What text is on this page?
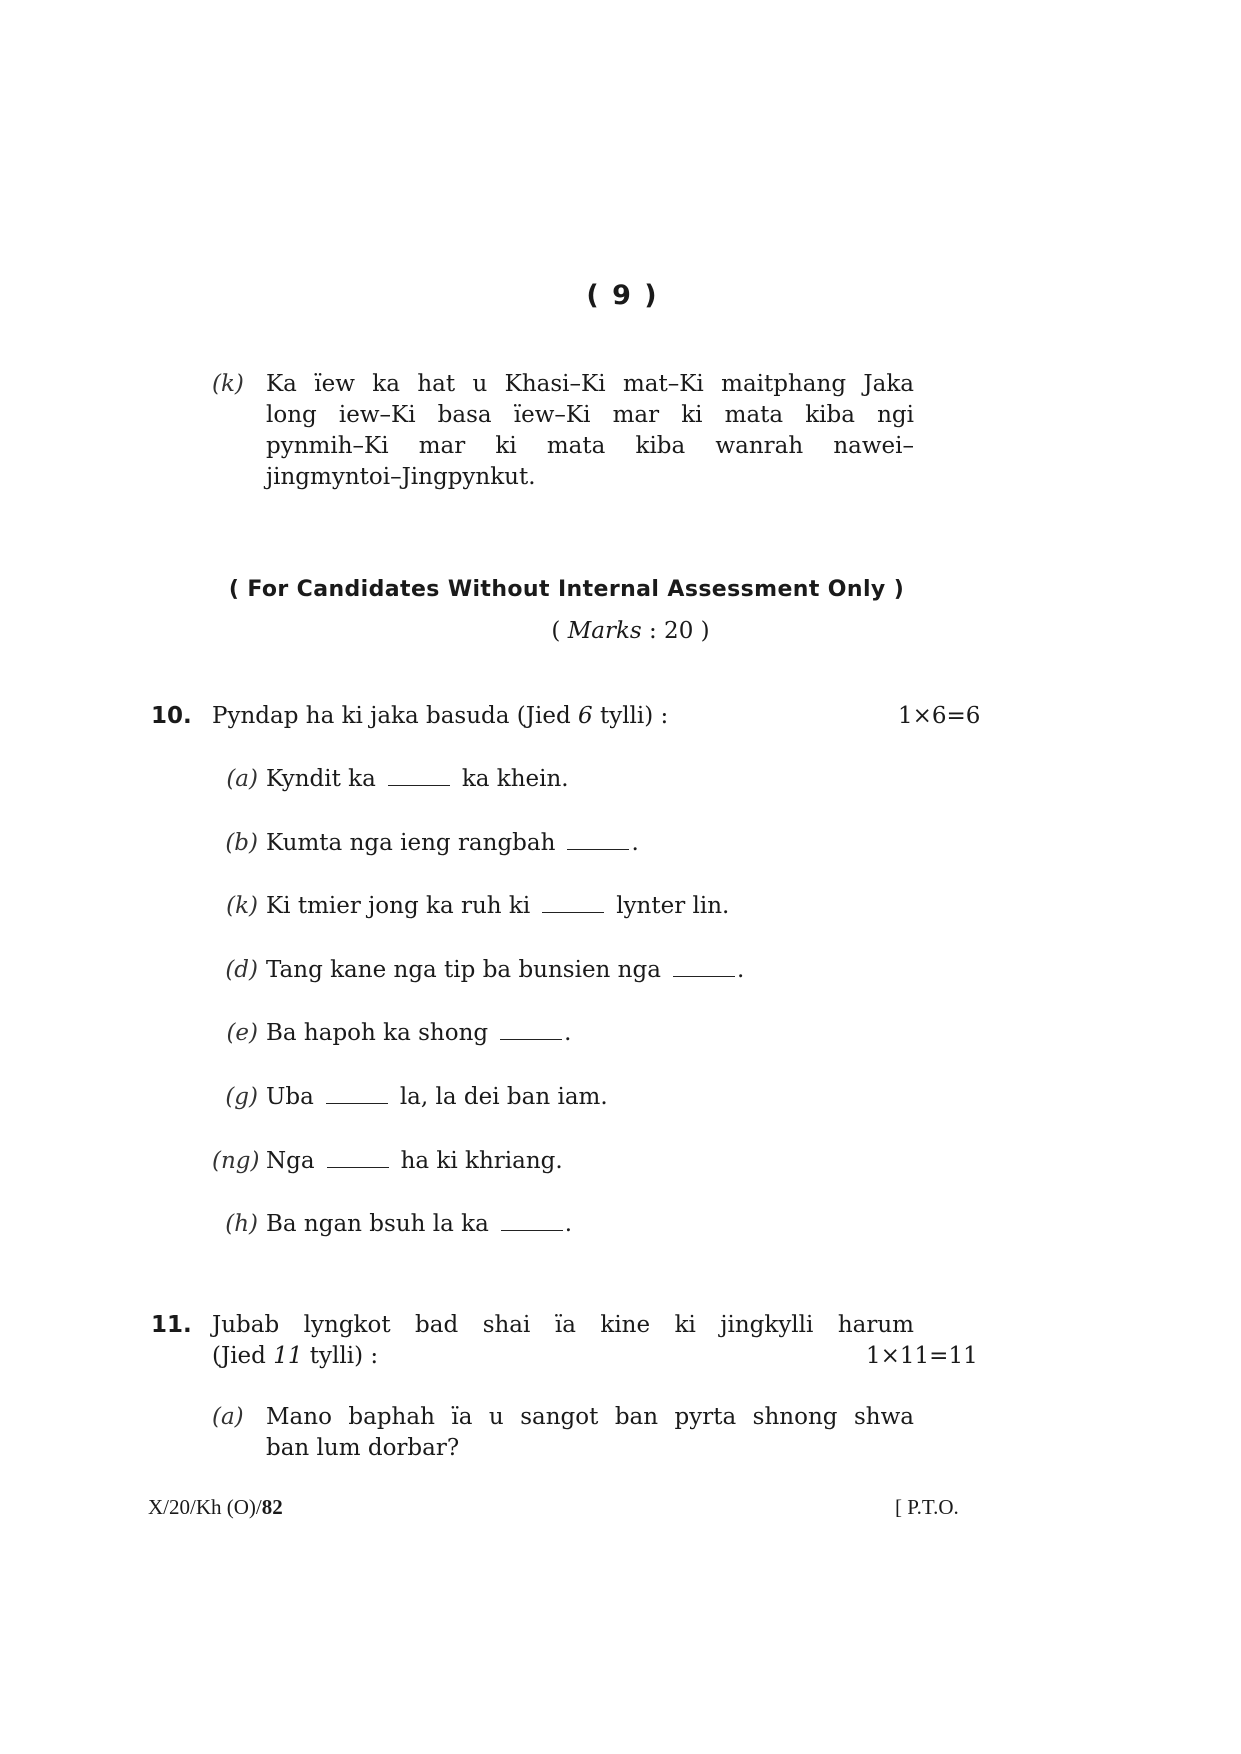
( 9 )
(k) Ka ïew ka hat u Khasi–Ki mat–Ki maitphang Jaka
long iew–Ki basa ïew–Ki mar ki mata kiba ngi
pynmih–Ki mar ki mata kiba wanrah nawei–
jingmyntoi–Jingpynkut.
( For Candidates Without Internal Assessment Only )
( Marks : 20 )
10. Pyndap ha ki jaka basuda (Jied 6 tylli) :	1×6=6
(a) Kyndit ka	ka khein.
(b) Kumta nga ieng rangbah	.
(k) Ki tmier jong ka ruh ki	lynter lin.
(d) Tang kane nga tip ba bunsien nga	.
(e) Ba hapoh ka shong	.
(g) Uba	la, la dei ban iam.
(ng) Nga	ha ki khriang.
(h) Ba ngan bsuh la ka	.
11. Jubab lyngkot bad shai ïa kine ki jingkylli harum
(Jied 11 tylli) :	1×11=11
(a) Mano baphah ïa u sangot ban pyrta shnong shwa
ban lum dorbar?
X/20/Kh (O)/82	[ P.T.O.
